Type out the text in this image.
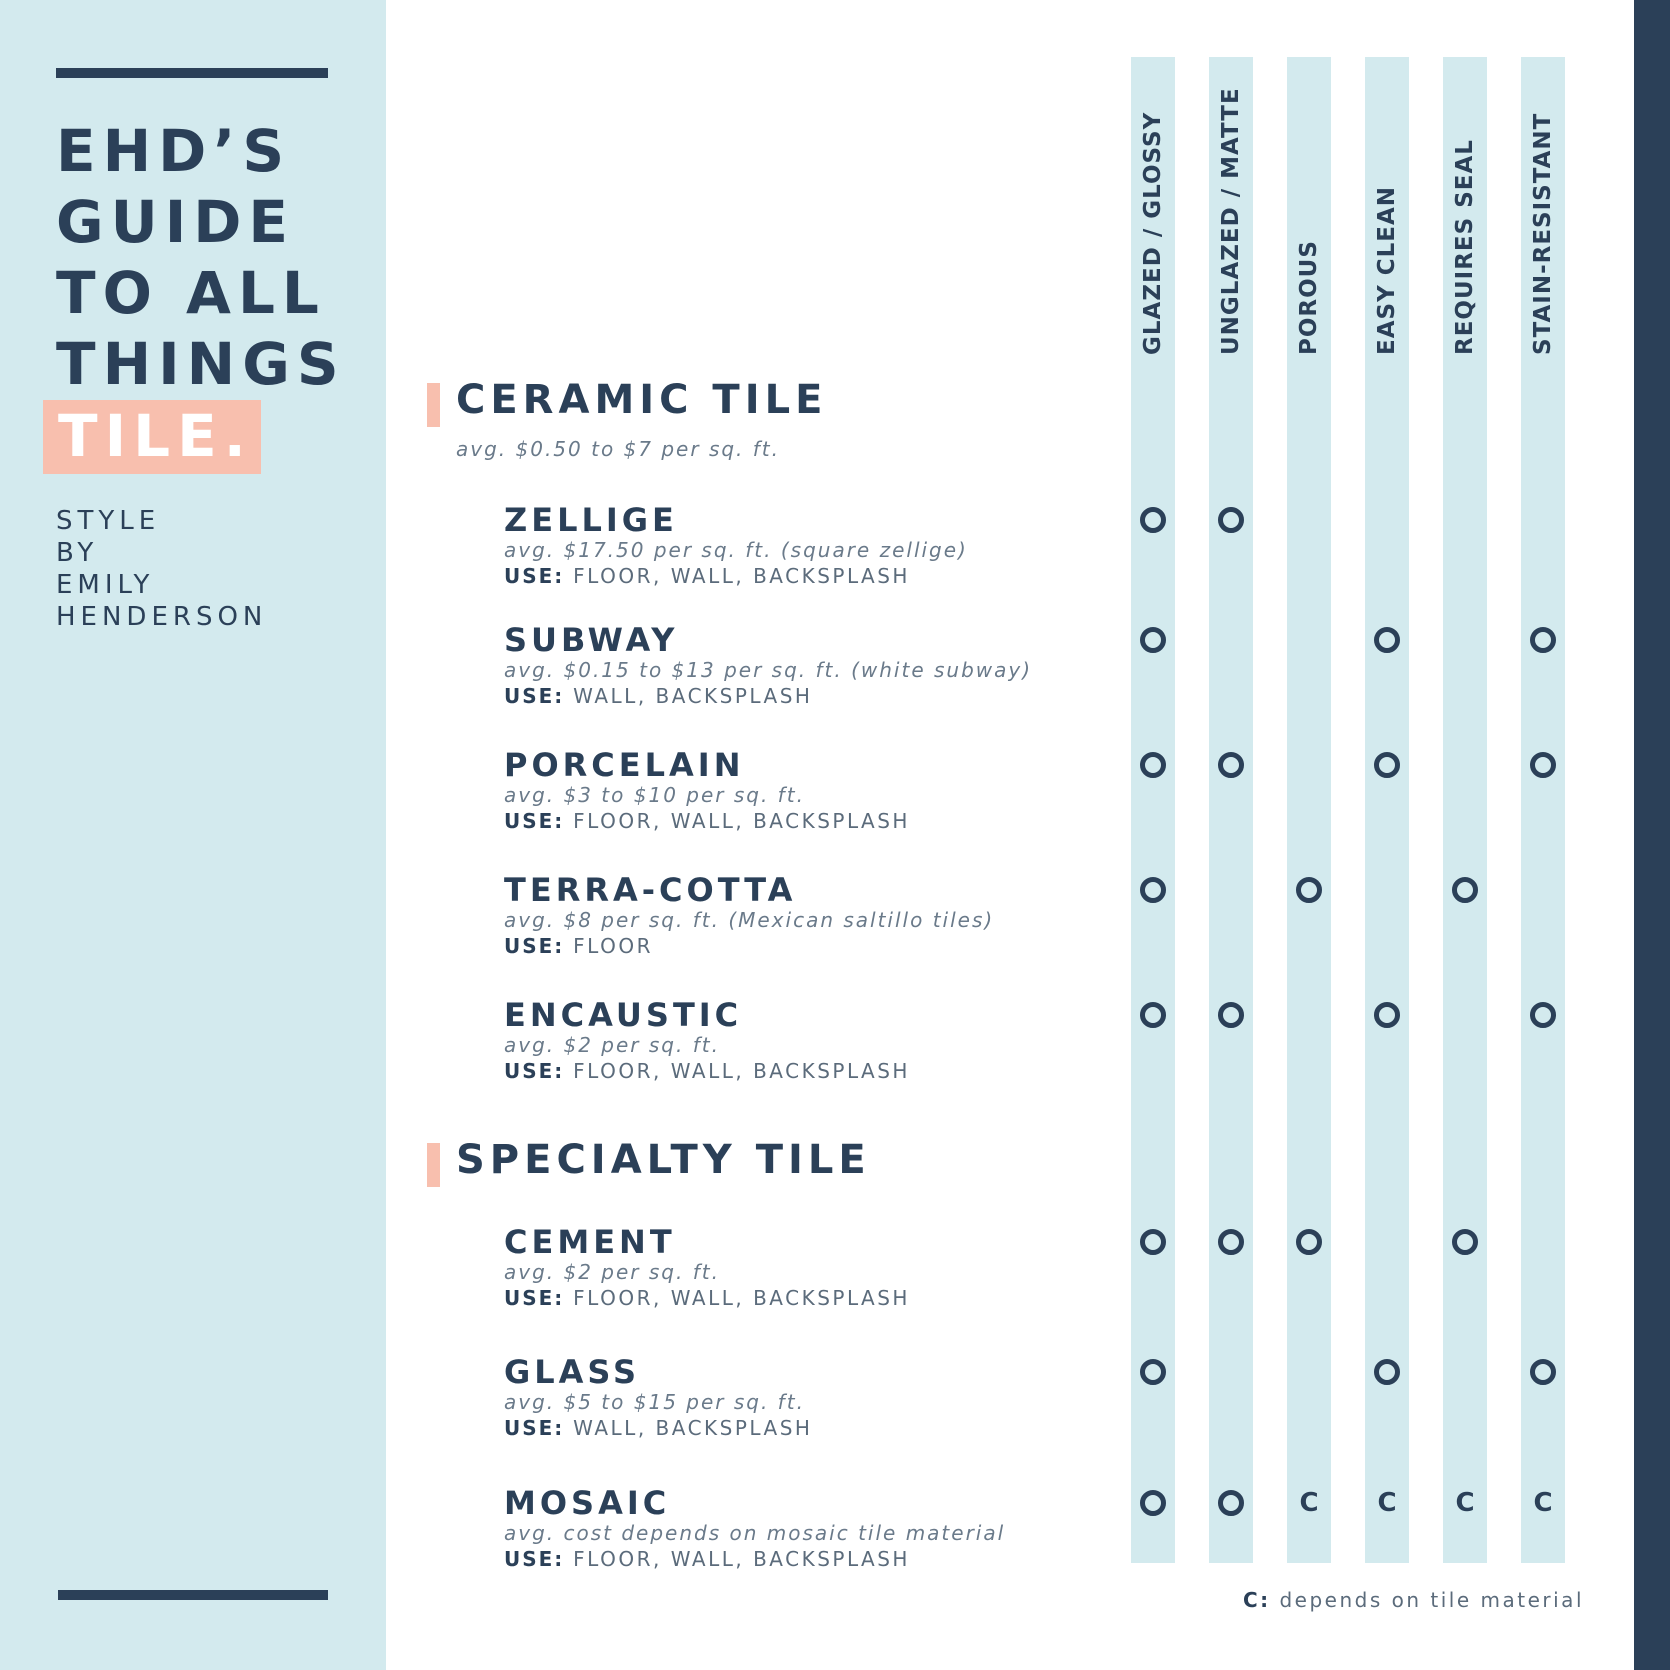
EHD’S
GUIDE
TO ALL
THINGS
TILE.
STYLE
BY
EMILY
HENDERSON
GLAZED / GLOSSY UNGLAZED / MATTE POROUS EASY CLEAN REQUIRES SEAL STAIN-RESISTANT
CERAMIC TILE
avg. $0.50 to $7 per sq. ft.
ZELLIGE
avg. $17.50 per sq. ft. (square zellige)
USE: FLOOR, WALL, BACKSPLASH
SUBWAY
avg. $0.15 to $13 per sq. ft. (white subway)
USE: WALL, BACKSPLASH
PORCELAIN
avg. $3 to $10 per sq. ft.
USE: FLOOR, WALL, BACKSPLASH
TERRA-COTTA
avg. $8 per sq. ft. (Mexican saltillo tiles)
USE: FLOOR
ENCAUSTIC
avg. $2 per sq. ft.
USE: FLOOR, WALL, BACKSPLASH
SPECIALTY TILE
CEMENT
avg. $2 per sq. ft.
USE: FLOOR, WALL, BACKSPLASH
GLASS
avg. $5 to $15 per sq. ft.
USE: WALL, BACKSPLASH
MOSAIC
avg. cost depends on mosaic tile material
USE: FLOOR, WALL, BACKSPLASH
C C C C
C: depends on tile material
